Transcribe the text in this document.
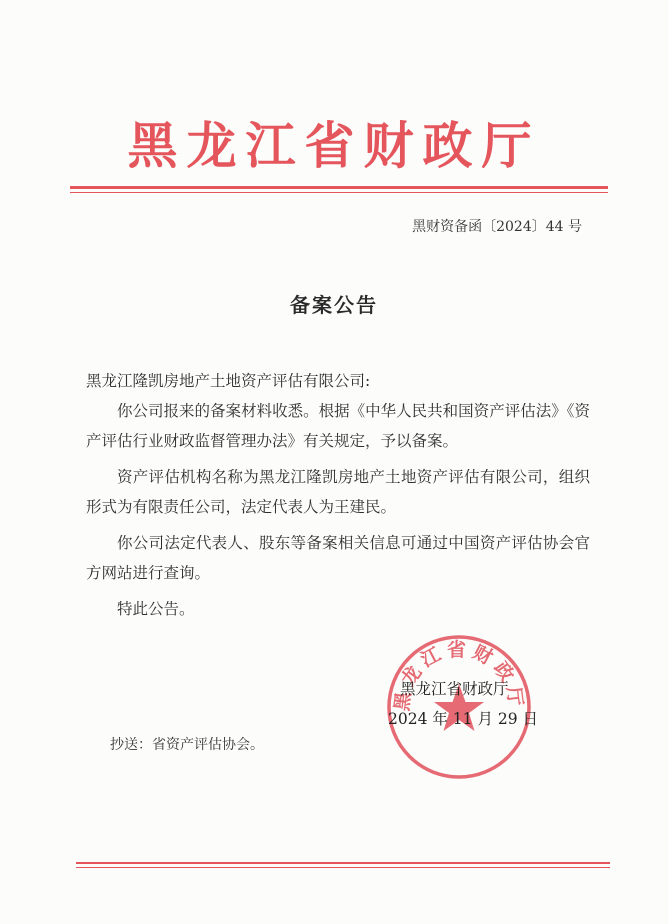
黑龙江省财政厅
黑财资备函〔2024〕44 号
备案公告

黑龙江隆凯房地产土地资产评估有限公司:

你公司报来的备案材料收悉。根据《中华人民共和国资产评估法》《资产评估行业财政监督管理办法》有关规定，予以备案。

资产评估机构名称为黑龙江隆凯房地产土地资产评估有限公司，组织形式为有限责任公司，法定代表人为王建民。

你公司法定代表人、股东等备案相关信息可通过中国资产评估协会官方网站进行查询。

特此公告。

黑龙江省财政厅
黑龙江省财政厅
2024 年 11 月 29 日
抄送：省资产评估协会。
